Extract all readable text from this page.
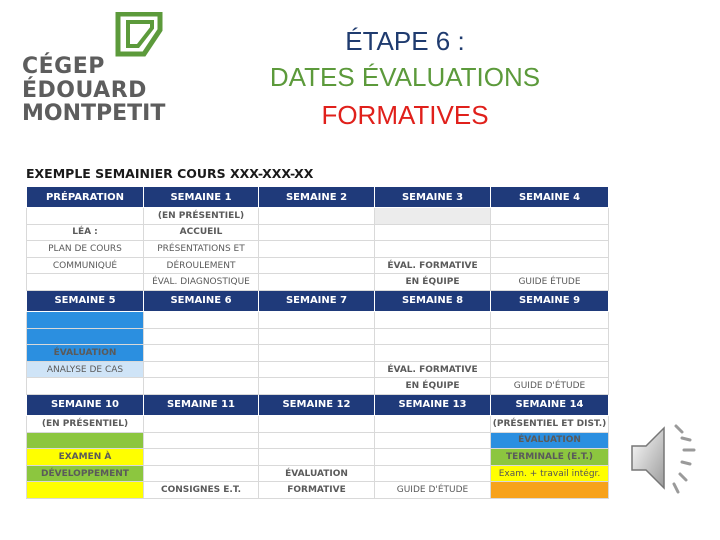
CÉGEP
ÉDOUARD
MONTPETIT
ÉTAPE 6 :
DATES ÉVALUATIONS
FORMATIVES
EXEMPLE SEMAINIER COURS XXX-XXX-XX
PRÉPARATION	SEMAINE 1	SEMAINE 2	SEMAINE 3	SEMAINE 4
	(EN PRÉSENTIEL)			
LÉA :	ACCUEIL			
PLAN DE COURS	PRÉSENTATIONS ET			
COMMUNIQUÉ	DÉROULEMENT		ÉVAL. FORMATIVE	
	ÉVAL. DIAGNOSTIQUE		EN ÉQUIPE	GUIDE ÉTUDE
SEMAINE 5	SEMAINE 6	SEMAINE 7	SEMAINE 8	SEMAINE 9

ÉVALUATION				
ANALYSE DE CAS			ÉVAL. FORMATIVE	
			EN ÉQUIPE	GUIDE D'ÉTUDE
SEMAINE 10	SEMAINE 11	SEMAINE 12	SEMAINE 13	SEMAINE 14
(EN PRÉSENTIEL)				(PRÉSENTIEL ET DIST.)
				ÉVALUATION
EXAMEN À				TERMINALE (E.T.)
DÉVELOPPEMENT		ÉVALUATION		Exam. + travail intégr.
	CONSIGNES E.T.	FORMATIVE	GUIDE D'ÉTUDE	
